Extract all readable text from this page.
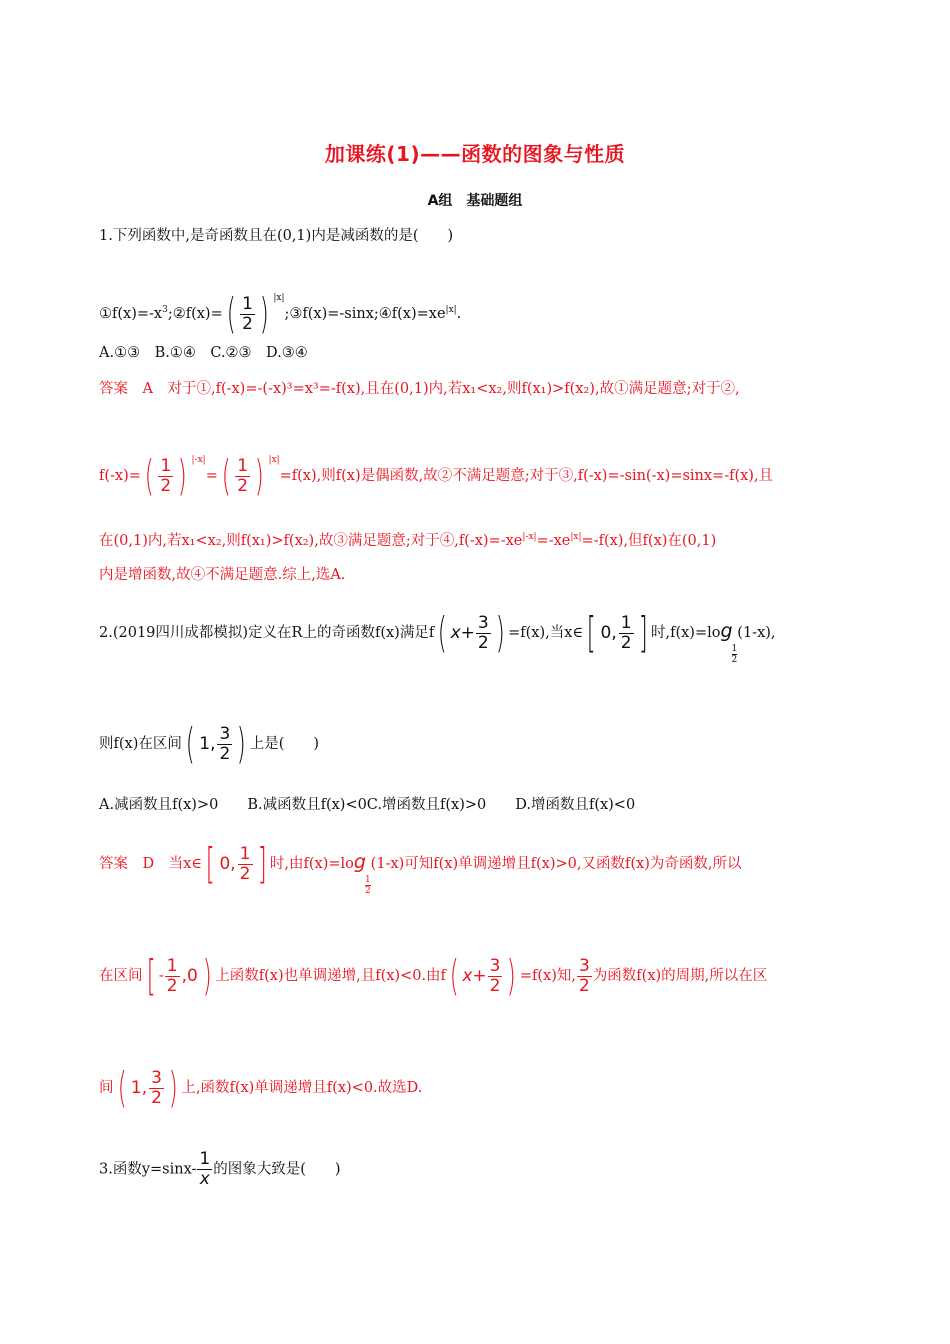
加课练(1)——函数的图象与性质
A组　基础题组
1.下列函数中,是奇函数且在(0,1)内是减函数的是(　　)
$①f(x)=-x^3;②f(x)=$ ( $\frac{1}{2}$ ) $^{|x|};③f(x)=-\sin x;④f(x)=xe^{|x|}$.
A.①③　B.①④　C.②③　D.③④
答案　A　对于①,f(-x)=-(-x)³=x³=-f(x),且在(0,1)内,若x₁<x₂,则f(x₁)>f(x₂),故①满足题意;对于②,
f(-x)= ( $\frac{1}{2}$ ) $^{|-x|}$= ( $\frac{1}{2}$ ) $^{|x|}$=f(x),则f(x)是偶函数,故②不满足题意;对于③,f(-x)=-sin(-x)=sinx=-f(x),且
在(0,1)内,若x₁<x₂,则f(x₁)>f(x₂),故③满足题意;对于$④,f(-x)=-xe^{|-x|}=-xe^{|x|}=-f(x)$,但f(x)在(0,1)
内是增函数,故④不满足题意.综上,选A.
2.(2019四川成都模拟)定义在R上的奇函数f(x)满足f ( $x + \frac{3}{2}$ ) =f(x),当x∈ [ 0 , $\frac{1}{2}$ ] 时,f(x)=log
$\frac{1}{2}$
(1-x),
则f(x)在区间 ( 1 , $\frac{3}{2}$ ) 上是(　　)
A.减函数且f(x)>0　　B.减函数且f(x)<0C.增函数且f(x)>0　　D.增函数且f(x)<0
答案　D　当x∈ [ 0 , $\frac{1}{2}$ ] 时,由f(x)=log
$\frac{1}{2}$
(1-x)可知f(x)单调递增且f(x)>0,又函数f(x)为奇函数,所以
在区间 [ - $\frac{1}{2}$ , 0 ) 上函数f(x)也单调递增,且f(x)<0.由f ( $x + \frac{3}{2}$ ) =f(x)知, $\frac{3}{2}$ 为函数f(x)的周期,所以在区
间 ( 1 , $\frac{3}{2}$ ) 上,函数f(x)单调递增且f(x)<0.故选D.
3.函数$y=\sin x- \frac{1}{x}$ 的图象大致是(　　)
